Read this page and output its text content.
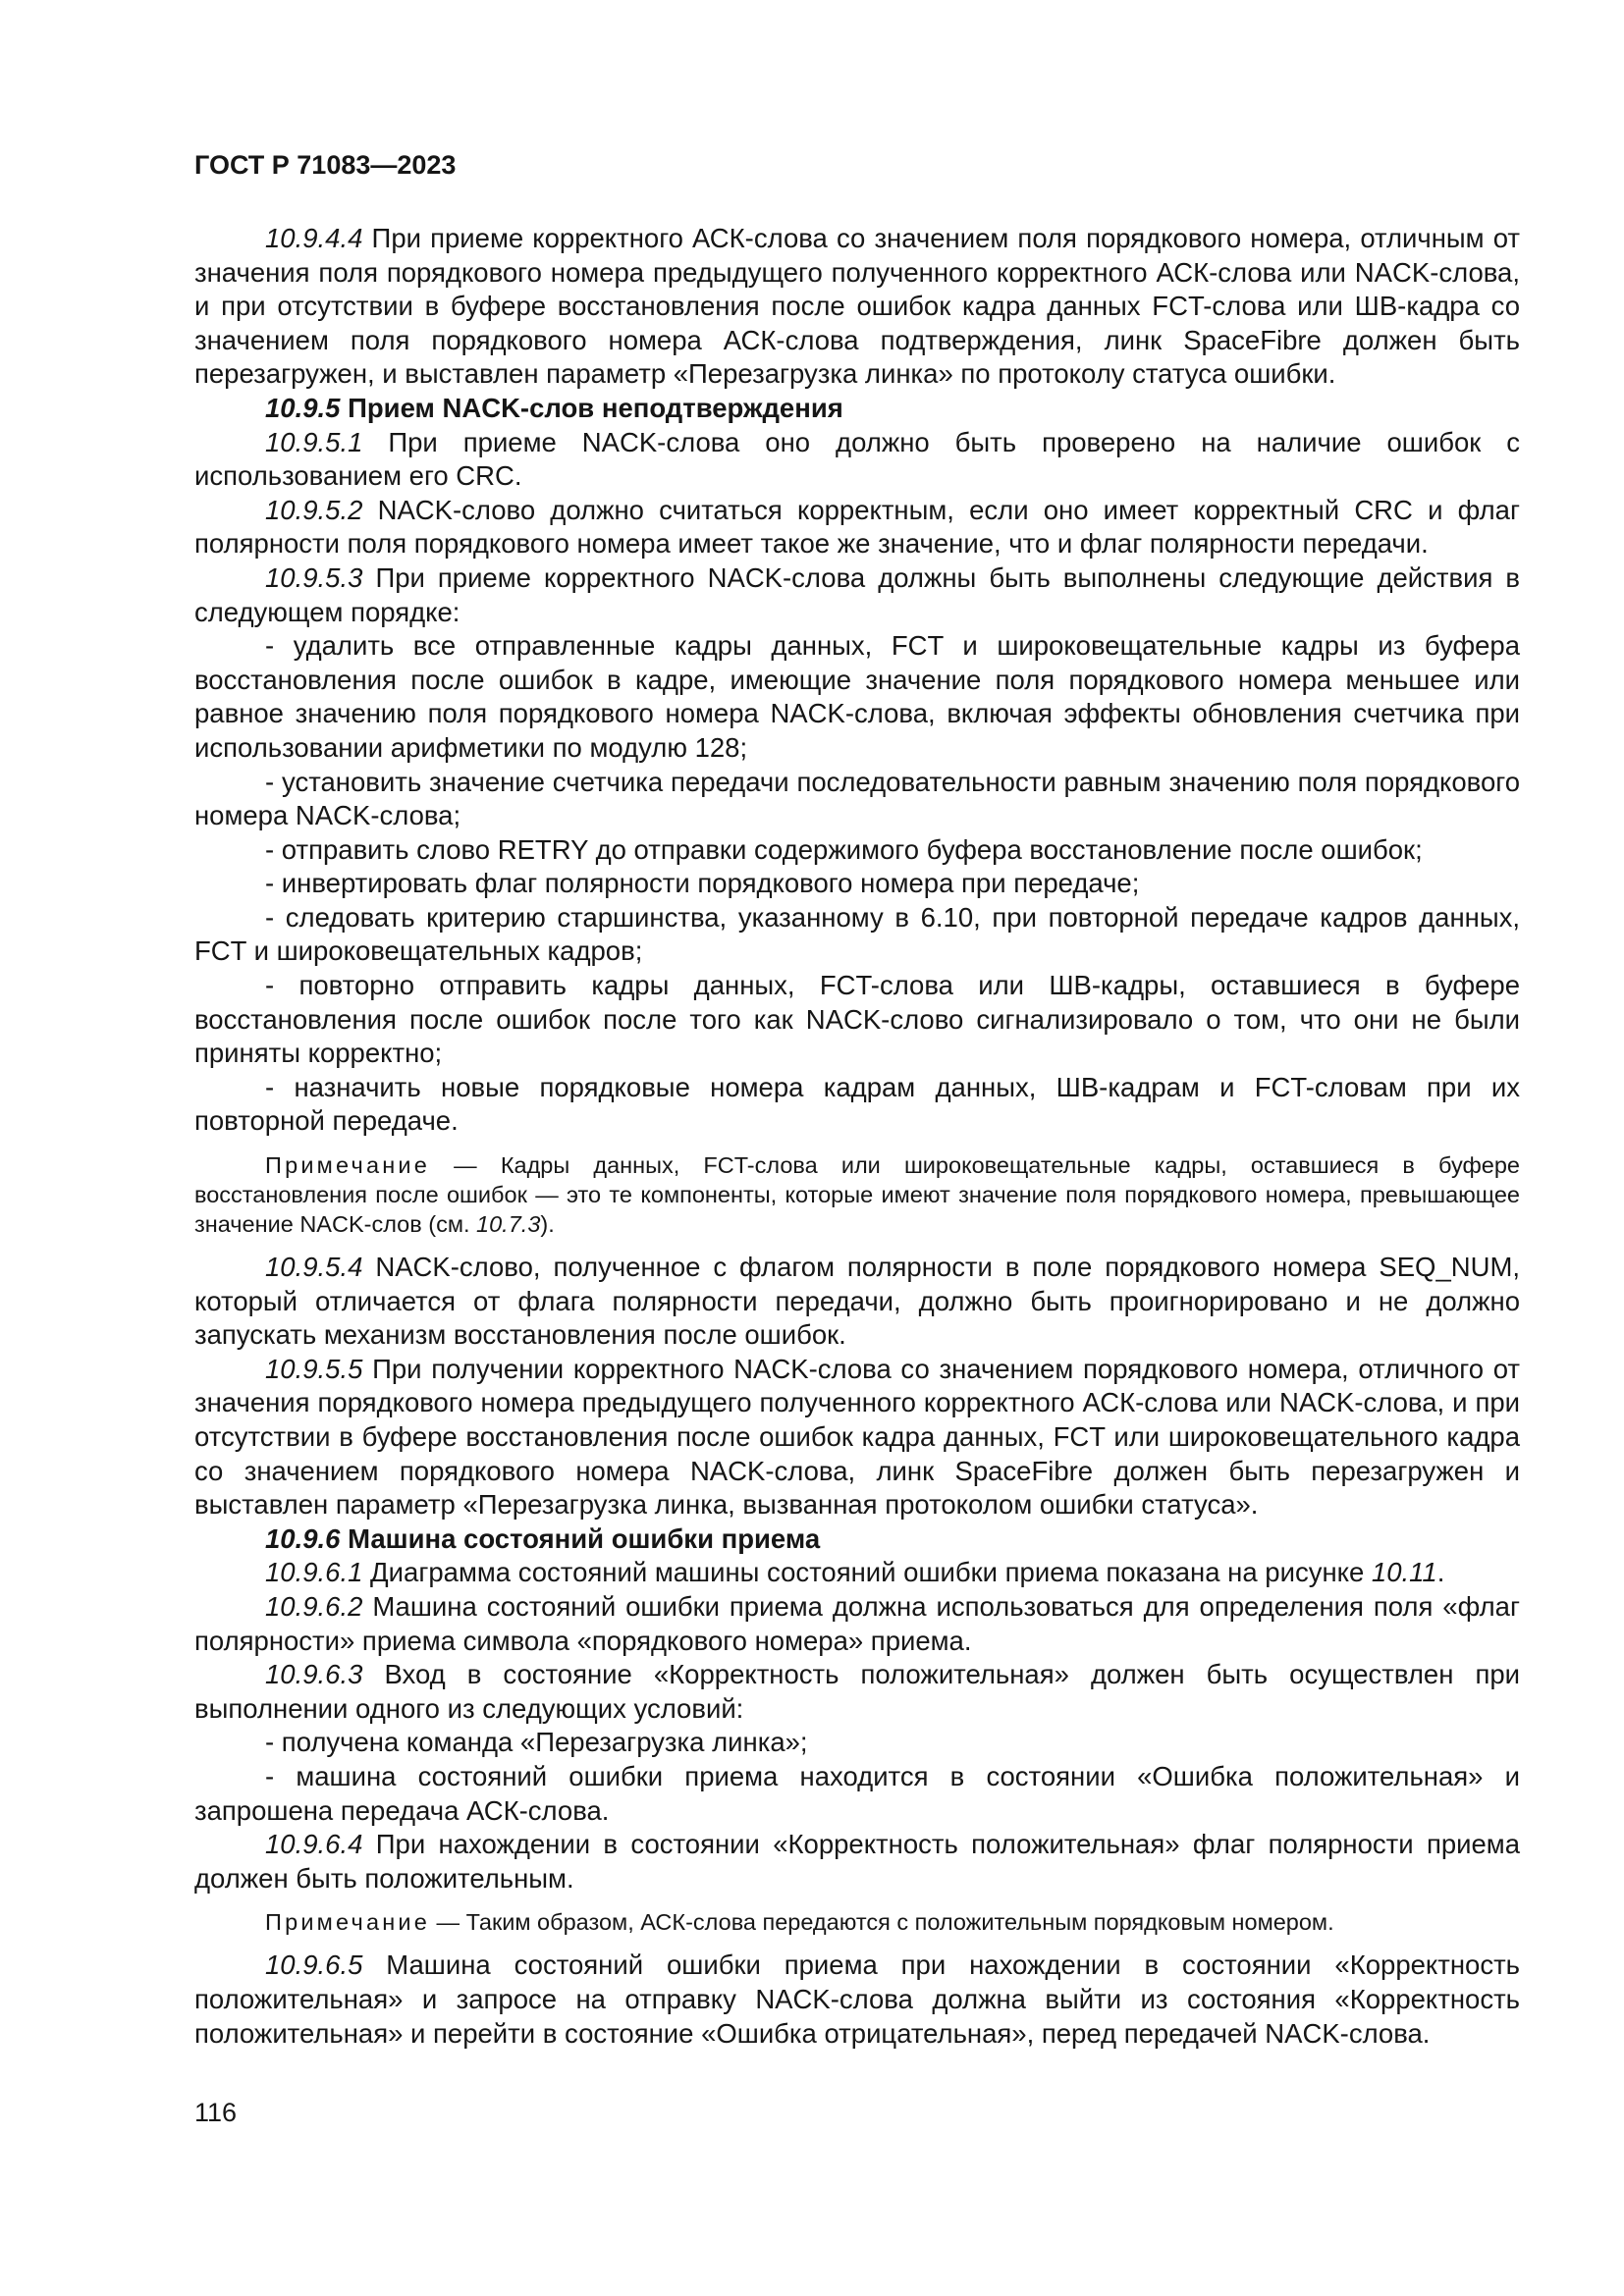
ГОСТ Р 71083—2023

10.9.4.4 При приеме корректного АСК-слова со значением поля порядкового номера, отличным от значения поля порядкового номера предыдущего полученного корректного АСК-слова или NACK-слова, и при отсутствии в буфере восстановления после ошибок кадра данных FCT-слова или ШВ-кадра со значением поля порядкового номера АСК-слова подтверждения, линк SpaceFibre должен быть перезагружен, и выставлен параметр «Перезагрузка линка» по протоколу статуса ошибки.

10.9.5 Прием NACK-слов неподтверждения

10.9.5.1 При приеме NACK-слова оно должно быть проверено на наличие ошибок с использованием его CRC.

10.9.5.2 NACK-слово должно считаться корректным, если оно имеет корректный CRC и флаг полярности поля порядкового номера имеет такое же значение, что и флаг полярности передачи.

10.9.5.3 При приеме корректного NACK-слова должны быть выполнены следующие действия в следующем порядке:

- удалить все отправленные кадры данных, FCT и широковещательные кадры из буфера восстановления после ошибок в кадре, имеющие значение поля порядкового номера меньшее или равное значению поля порядкового номера NACK-слова, включая эффекты обновления счетчика при использовании арифметики по модулю 128;

- установить значение счетчика передачи последовательности равным значению поля порядкового номера NACK-слова;

- отправить слово RETRY до отправки содержимого буфера восстановление после ошибок;

- инвертировать флаг полярности порядкового номера при передаче;

- следовать критерию старшинства, указанному в 6.10, при повторной передаче кадров данных, FCT и широковещательных кадров;

- повторно отправить кадры данных, FCT-слова или ШВ-кадры, оставшиеся в буфере восстановления после ошибок после того как NACK-слово сигнализировало о том, что они не были приняты корректно;

- назначить новые порядковые номера кадрам данных, ШВ-кадрам и FCT-словам при их повторной передаче.

Примечание — Кадры данных, FCT-слова или широковещательные кадры, оставшиеся в буфере восстановления после ошибок — это те компоненты, которые имеют значение поля порядкового номера, превышающее значение NACK-слов (см. 10.7.3).

10.9.5.4 NACK-слово, полученное с флагом полярности в поле порядкового номера SEQ_NUM, который отличается от флага полярности передачи, должно быть проигнорировано и не должно запускать механизм восстановления после ошибок.

10.9.5.5 При получении корректного NACK-слова со значением порядкового номера, отличного от значения порядкового номера предыдущего полученного корректного АСК-слова или NACK-слова, и при отсутствии в буфере восстановления после ошибок кадра данных, FCT или широковещательного кадра со значением порядкового номера NACK-слова, линк SpaceFibre должен быть перезагружен и выставлен параметр «Перезагрузка линка, вызванная протоколом ошибки статуса».

10.9.6 Машина состояний ошибки приема

10.9.6.1 Диаграмма состояний машины состояний ошибки приема показана на рисунке 10.11.

10.9.6.2 Машина состояний ошибки приема должна использоваться для определения поля «флаг полярности» приема символа «порядкового номера» приема.

10.9.6.3 Вход в состояние «Корректность положительная» должен быть осуществлен при выполнении одного из следующих условий:

- получена команда «Перезагрузка линка»;

- машина состояний ошибки приема находится в состоянии «Ошибка положительная» и запрошена передача АСК-слова.

10.9.6.4 При нахождении в состоянии «Корректность положительная» флаг полярности приема должен быть положительным.

Примечание — Таким образом, АСК-слова передаются с положительным порядковым номером.

10.9.6.5 Машина состояний ошибки приема при нахождении в состоянии «Корректность положительная» и запросе на отправку NACK-слова должна выйти из состояния «Корректность положительная» и перейти в состояние «Ошибка отрицательная», перед передачей NACK-слова.

116
